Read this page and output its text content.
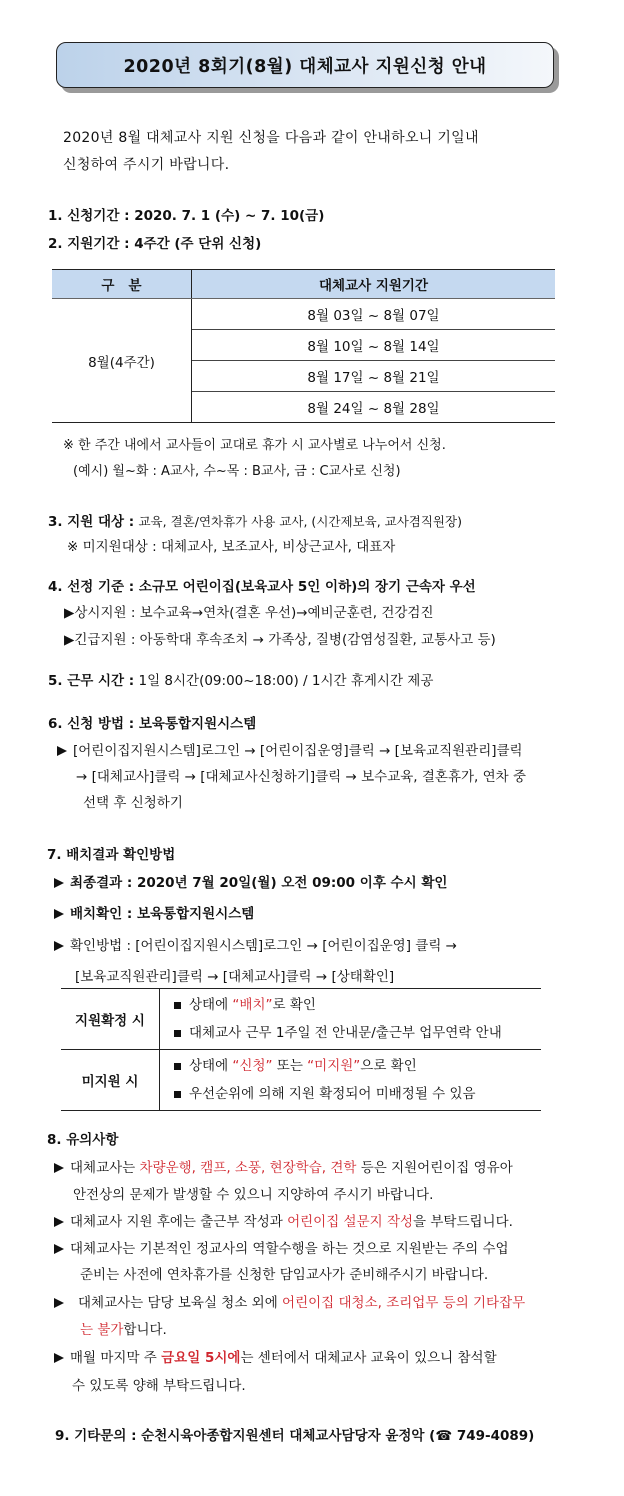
2020년 8회기(8월) 대체교사 지원신청 안내
2020년 8월 대체교사 지원 신청을 다음과 같이 안내하오니 기일내
신청하여 주시기 바랍니다.
1. 신청기간 : 2020. 7. 1 (수) ~ 7. 10(금)
2. 지원기간 : 4주간 (주 단위 신청)
구   분	대체교사 지원기간
8월(4주간)	8월 03일 ~ 8월 07일
	8월 10일 ~ 8월 14일
	8월 17일 ~ 8월 21일
	8월 24일 ~ 8월 28일
※ 한 주간 내에서 교사들이 교대로 휴가 시 교사별로 나누어서 신청.
(예시) 월~화 : A교사, 수~목 : B교사, 금 : C교사로 신청)
3. 지원 대상 : 교육, 결혼/연차휴가 사용 교사, (시간제보육, 교사겸직원장)
※ 미지원대상 : 대체교사, 보조교사, 비상근교사, 대표자
4. 선정 기준 : 소규모 어린이집(보육교사 5인 이하)의 장기 근속자 우선
▶상시지원 : 보수교육→연차(결혼 우선)→예비군훈련, 건강검진
▶긴급지원 : 아동학대 후속조치 → 가족상, 질병(감염성질환, 교통사고 등)
5. 근무 시간 : 1일 8시간(09:00~18:00) / 1시간 휴게시간 제공
6. 신청 방법 : 보육통합지원시스템
[어린이집지원시스템]로그인 → [어린이집운영]클릭 → [보육교직원관리]클릭
→ [대체교사]클릭 → [대체교사신청하기]클릭 → 보수교육, 결혼휴가, 연차 중
선택 후 신청하기
7. 배치결과 확인방법
최종결과 : 2020년 7월 20일(월) 오전 09:00 이후 수시 확인
배치확인 : 보육통합지원시스템
확인방법 : [어린이집지원시스템]로그인 → [어린이집운영] 클릭 →
[보육교직원관리]클릭 → [대체교사]클릭 → [상태확인]
지원확정 시	상태에 “배치”로 확인
대체교사 근무 1주일 전 안내문/출근부 업무연락 안내

미지원 시	상태에 “신청” 또는 “미지원”으로 확인
우선순위에 의해 지원 확정되어 미배정될 수 있음
8. 유의사항
대체교사는 차량운행, 캠프, 소풍, 현장학습, 견학 등은 지원어린이집 영유아
안전상의 문제가 발생할 수 있으니 지양하여 주시기 바랍니다.
대체교사 지원 후에는 출근부 작성과 어린이집 설문지 작성을 부탁드립니다.
대체교사는 기본적인 정교사의 역할수행을 하는 것으로 지원받는 주의 수업
준비는 사전에 연차휴가를 신청한 담임교사가 준비해주시기 바랍니다.
대체교사는 담당 보육실 청소 외에 어린이집 대청소, 조리업무 등의 기타잡무
는 불가합니다.
매월 마지막 주 금요일 5시에는 센터에서 대체교사 교육이 있으니 참석할
수 있도록 양해 부탁드립니다.
9. 기타문의 : 순천시육아종합지원센터 대체교사담당자 윤정악 (☎ 749-4089)
